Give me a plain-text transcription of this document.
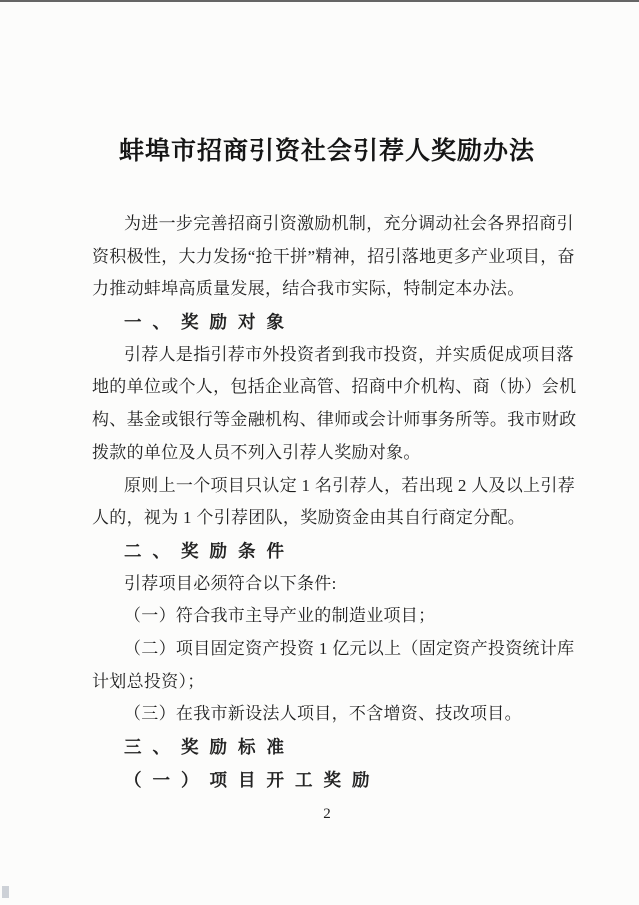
蚌埠市招商引资社会引荐人奖励办法
为进一步完善招商引资激励机制，充分调动社会各界招商引
资积极性，大力发扬“抢干拼”精神，招引落地更多产业项目，奋
力推动蚌埠高质量发展，结合我市实际，特制定本办法。
一、奖励对象
引荐人是指引荐市外投资者到我市投资，并实质促成项目落
地的单位或个人，包括企业高管、招商中介机构、商（协）会机
构、基金或银行等金融机构、律师或会计师事务所等。我市财政
拨款的单位及人员不列入引荐人奖励对象。
原则上一个项目只认定 1 名引荐人，若出现 2 人及以上引荐
人的，视为 1 个引荐团队，奖励资金由其自行商定分配。
二、奖励条件
引荐项目必须符合以下条件:
（一）符合我市主导产业的制造业项目；
（二）项目固定资产投资 1 亿元以上（固定资产投资统计库
计划总投资）；
（三）在我市新设法人项目，不含增资、技改项目。
三、奖励标准
（一）项目开工奖励
2
